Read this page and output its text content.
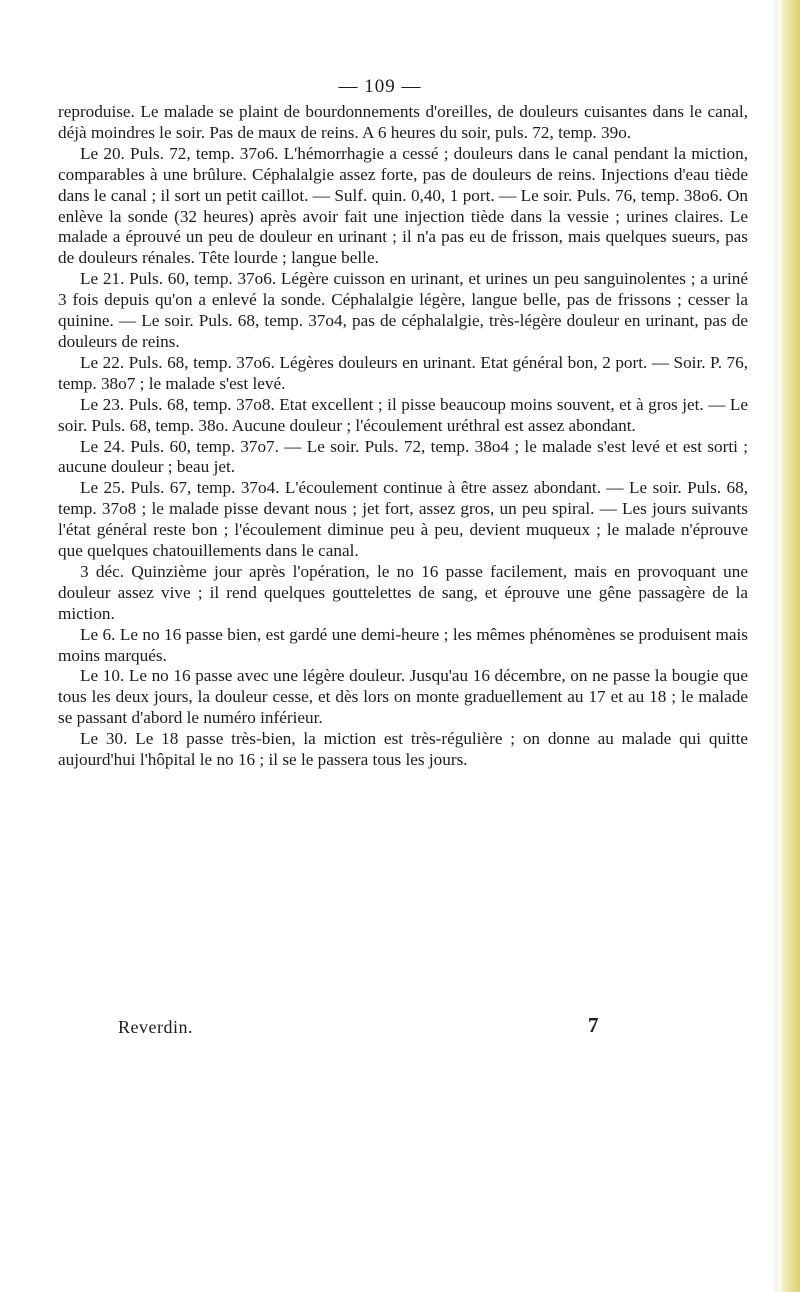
— 109 —

reproduise. Le malade se plaint de bourdonnements d'oreilles, de douleurs cuisantes dans le canal, déjà moindres le soir. Pas de maux de reins. A 6 heures du soir, puls. 72, temp. 39o.

Le 20. Puls. 72, temp. 37o6. L'hémorrhagie a cessé ; douleurs dans le canal pendant la miction, comparables à une brûlure. Céphalalgie assez forte, pas de douleurs de reins. Injections d'eau tiède dans le canal ; il sort un petit caillot. — Sulf. quin. 0,40, 1 port. — Le soir. Puls. 76, temp. 38o6. On enlève la sonde (32 heures) après avoir fait une injection tiède dans la vessie ; urines claires. Le malade a éprouvé un peu de douleur en urinant ; il n'a pas eu de frisson, mais quelques sueurs, pas de douleurs rénales. Tête lourde ; langue belle.

Le 21. Puls. 60, temp. 37o6. Légère cuisson en urinant, et urines un peu sanguinolentes ; a uriné 3 fois depuis qu'on a enlevé la sonde. Céphalalgie légère, langue belle, pas de frissons ; cesser la quinine. — Le soir. Puls. 68, temp. 37o4, pas de céphalalgie, très-légère douleur en urinant, pas de douleurs de reins.

Le 22. Puls. 68, temp. 37o6. Légères douleurs en urinant. Etat général bon, 2 port. — Soir. P. 76, temp. 38o7 ; le malade s'est levé.

Le 23. Puls. 68, temp. 37o8. Etat excellent ; il pisse beaucoup moins souvent, et à gros jet. — Le soir. Puls. 68, temp. 38o. Aucune douleur ; l'écoulement uréthral est assez abondant.

Le 24. Puls. 60, temp. 37o7. — Le soir. Puls. 72, temp. 38o4 ; le malade s'est levé et est sorti ; aucune douleur ; beau jet.

Le 25. Puls. 67, temp. 37o4. L'écoulement continue à être assez abondant. — Le soir. Puls. 68, temp. 37o8 ; le malade pisse devant nous ; jet fort, assez gros, un peu spiral. — Les jours suivants l'état général reste bon ; l'écoulement diminue peu à peu, devient muqueux ; le malade n'éprouve que quelques chatouillements dans le canal.

3 déc. Quinzième jour après l'opération, le no 16 passe facilement, mais en provoquant une douleur assez vive ; il rend quelques gouttelettes de sang, et éprouve une gêne passagère de la miction.

Le 6. Le no 16 passe bien, est gardé une demi-heure ; les mêmes phénomènes se produisent mais moins marqués.

Le 10. Le no 16 passe avec une légère douleur. Jusqu'au 16 décembre, on ne passe la bougie que tous les deux jours, la douleur cesse, et dès lors on monte graduellement au 17 et au 18 ; le malade se passant d'abord le numéro inférieur.

Le 30. Le 18 passe très-bien, la miction est très-régulière ; on donne au malade qui quitte aujourd'hui l'hôpital le no 16 ; il se le passera tous les jours.

Reverdin.	7
